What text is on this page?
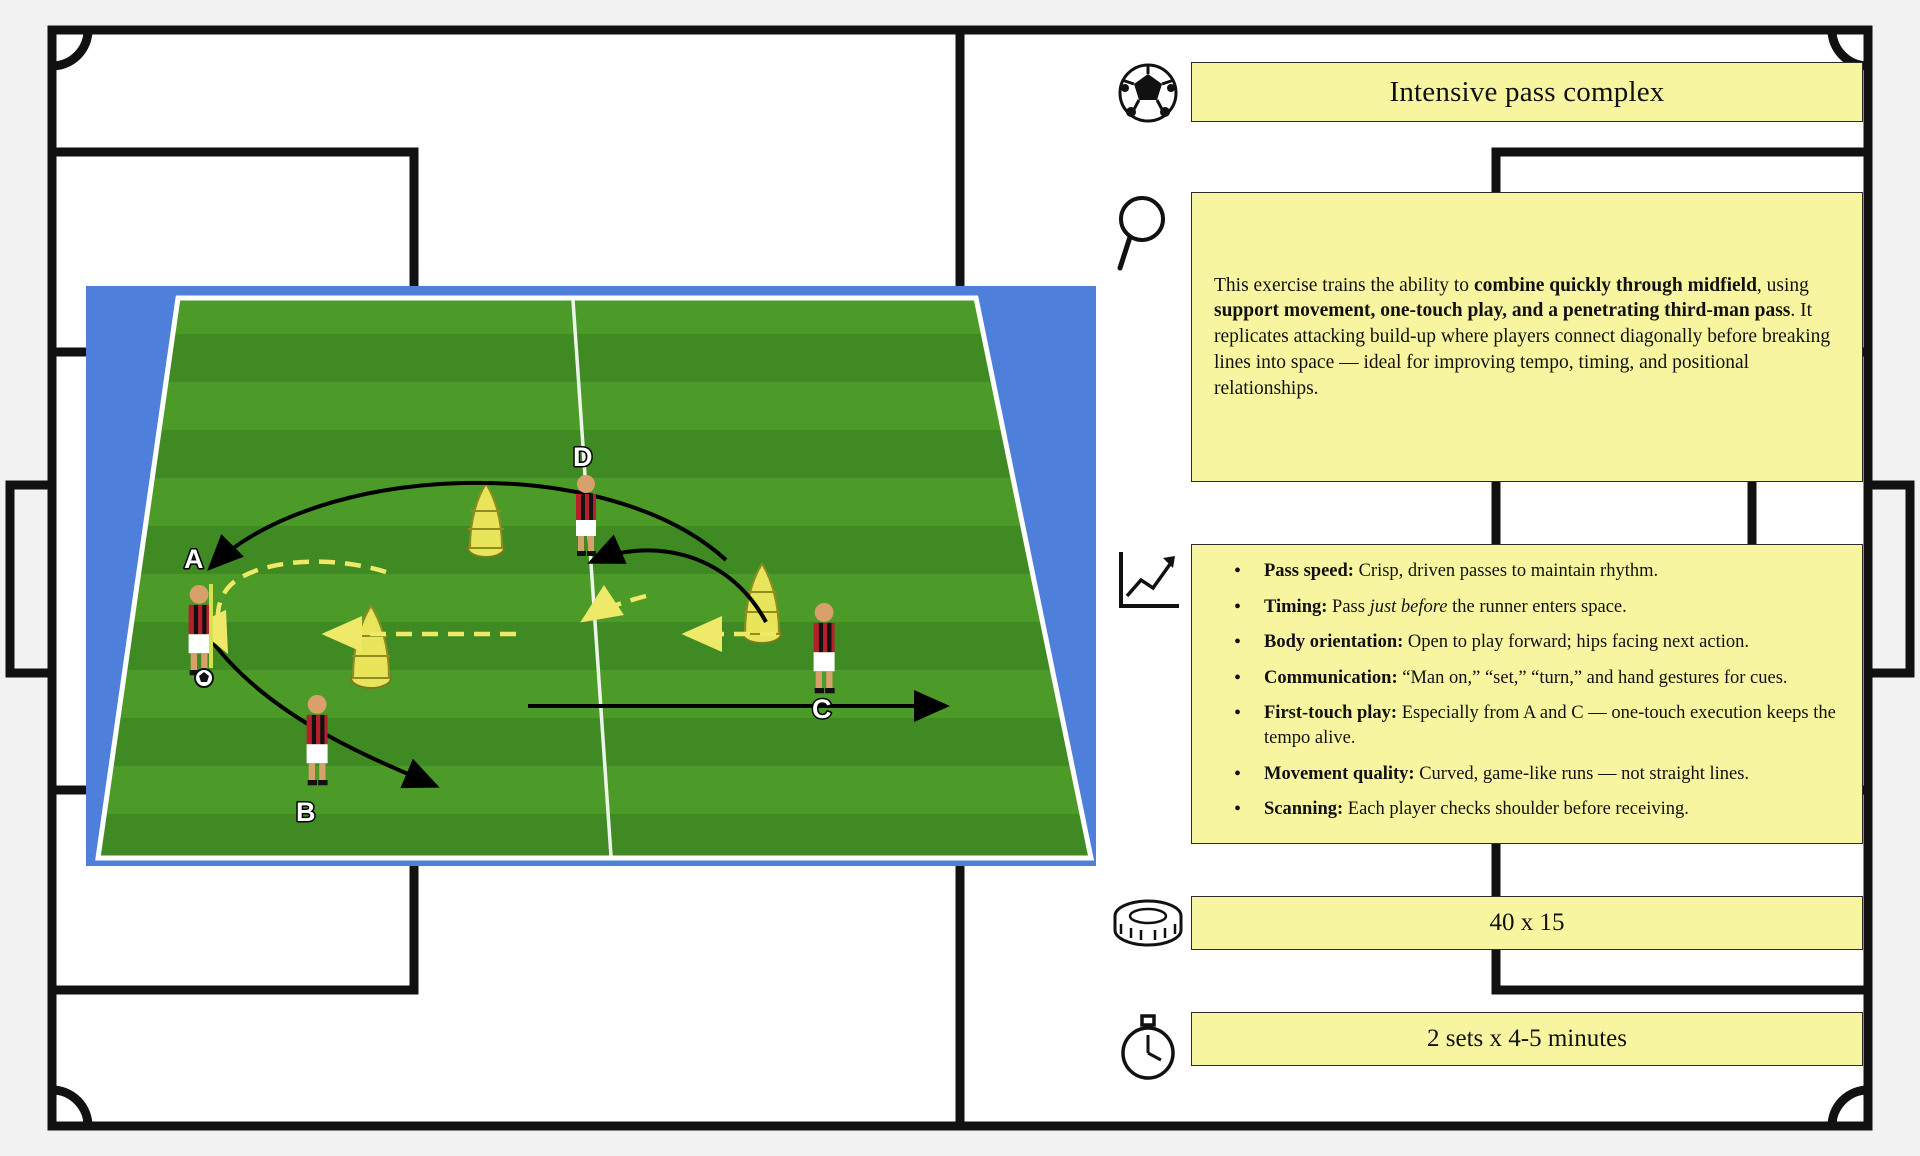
A
B
C
D
Intensive pass complex

This exercise trains the ability to combine quickly through midfield, using support movement, one-touch play, and a penetrating third-man pass. It replicates attacking build-up where players connect diagonally before breaking lines into space — ideal for improving tempo, timing, and positional relationships.

• Pass speed: Crisp, driven passes to maintain rhythm.
• Timing: Pass just before the runner enters space.
• Body orientation: Open to play forward; hips facing next action.
• Communication: “Man on,” “set,” “turn,” and hand gestures for cues.
• First-touch play: Especially from A and C — one-touch execution keeps the tempo alive.
• Movement quality: Curved, game-like runs — not straight lines.
• Scanning: Each player checks shoulder before receiving.
40 x 15
2 sets x 4-5 minutes
